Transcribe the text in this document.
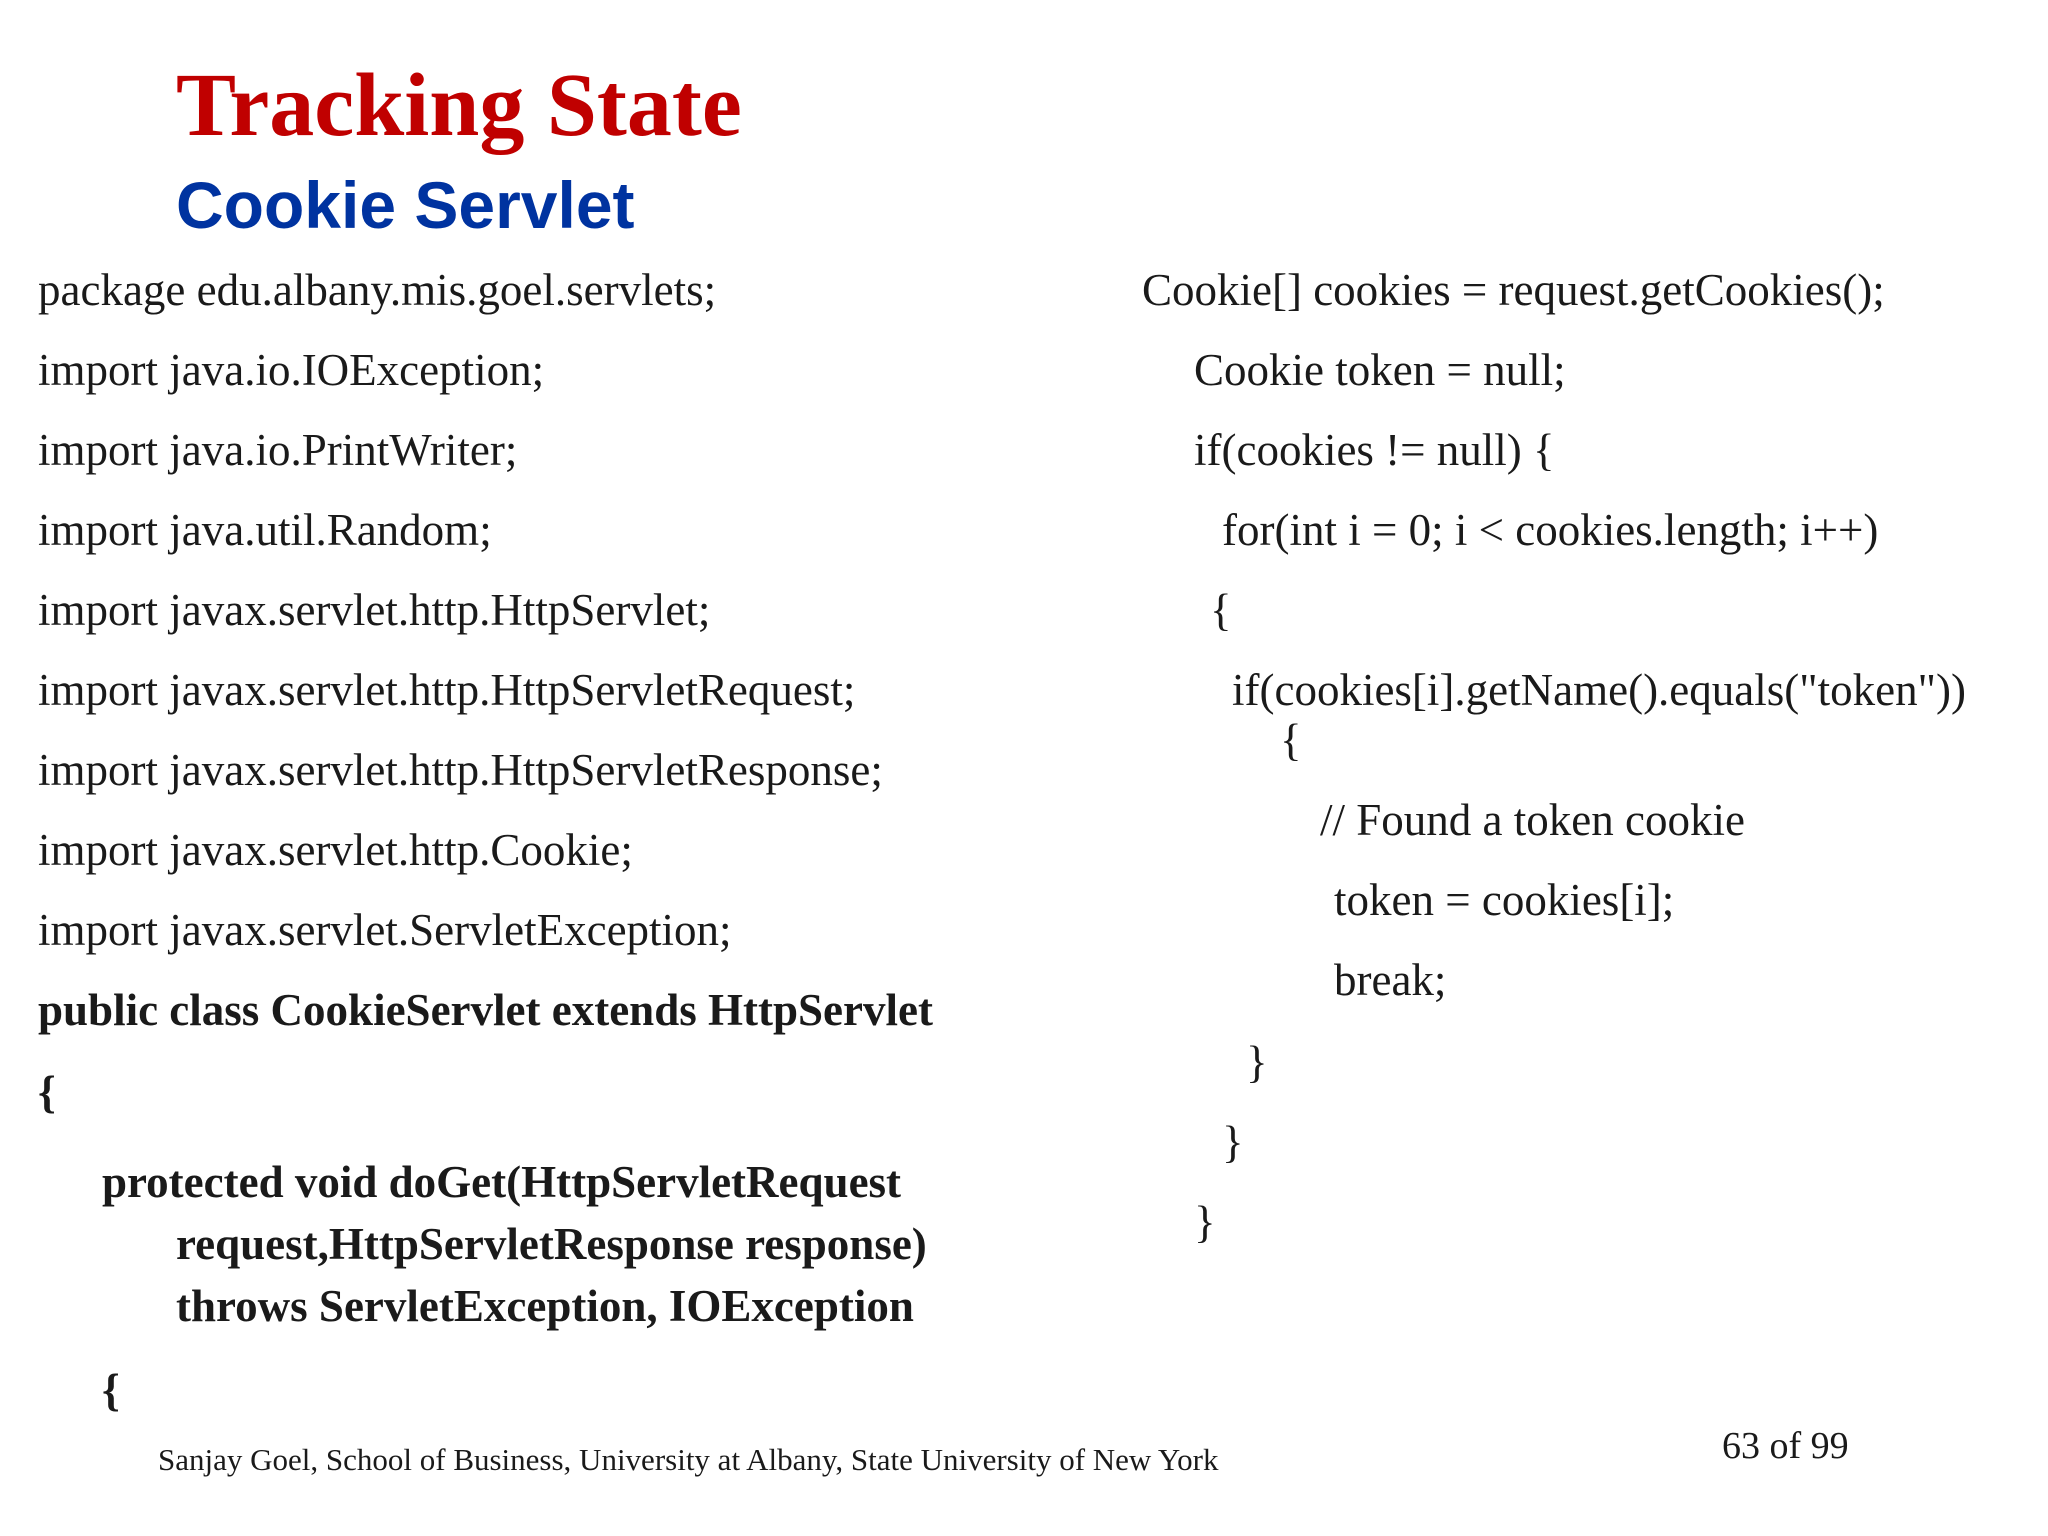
Tracking State
Cookie Servlet
package edu.albany.mis.goel.servlets;
import java.io.IOException;
import java.io.PrintWriter;
import java.util.Random;
import javax.servlet.http.HttpServlet;
import javax.servlet.http.HttpServletRequest;
import javax.servlet.http.HttpServletResponse;
import javax.servlet.http.Cookie;
import javax.servlet.ServletException;
public class CookieServlet extends HttpServlet
{
protected void doGet(HttpServletRequest
request,HttpServletResponse response)
throws ServletException, IOException
{
Cookie[] cookies = request.getCookies();
Cookie token = null;
if(cookies != null) {
for(int i = 0; i < cookies.length; i++)
{
if(cookies[i].getName().equals("token"))
{
// Found a token cookie
token = cookies[i];
break;
}
}
}
Sanjay Goel, School of Business, University at Albany, State University of New York	63 of 99
